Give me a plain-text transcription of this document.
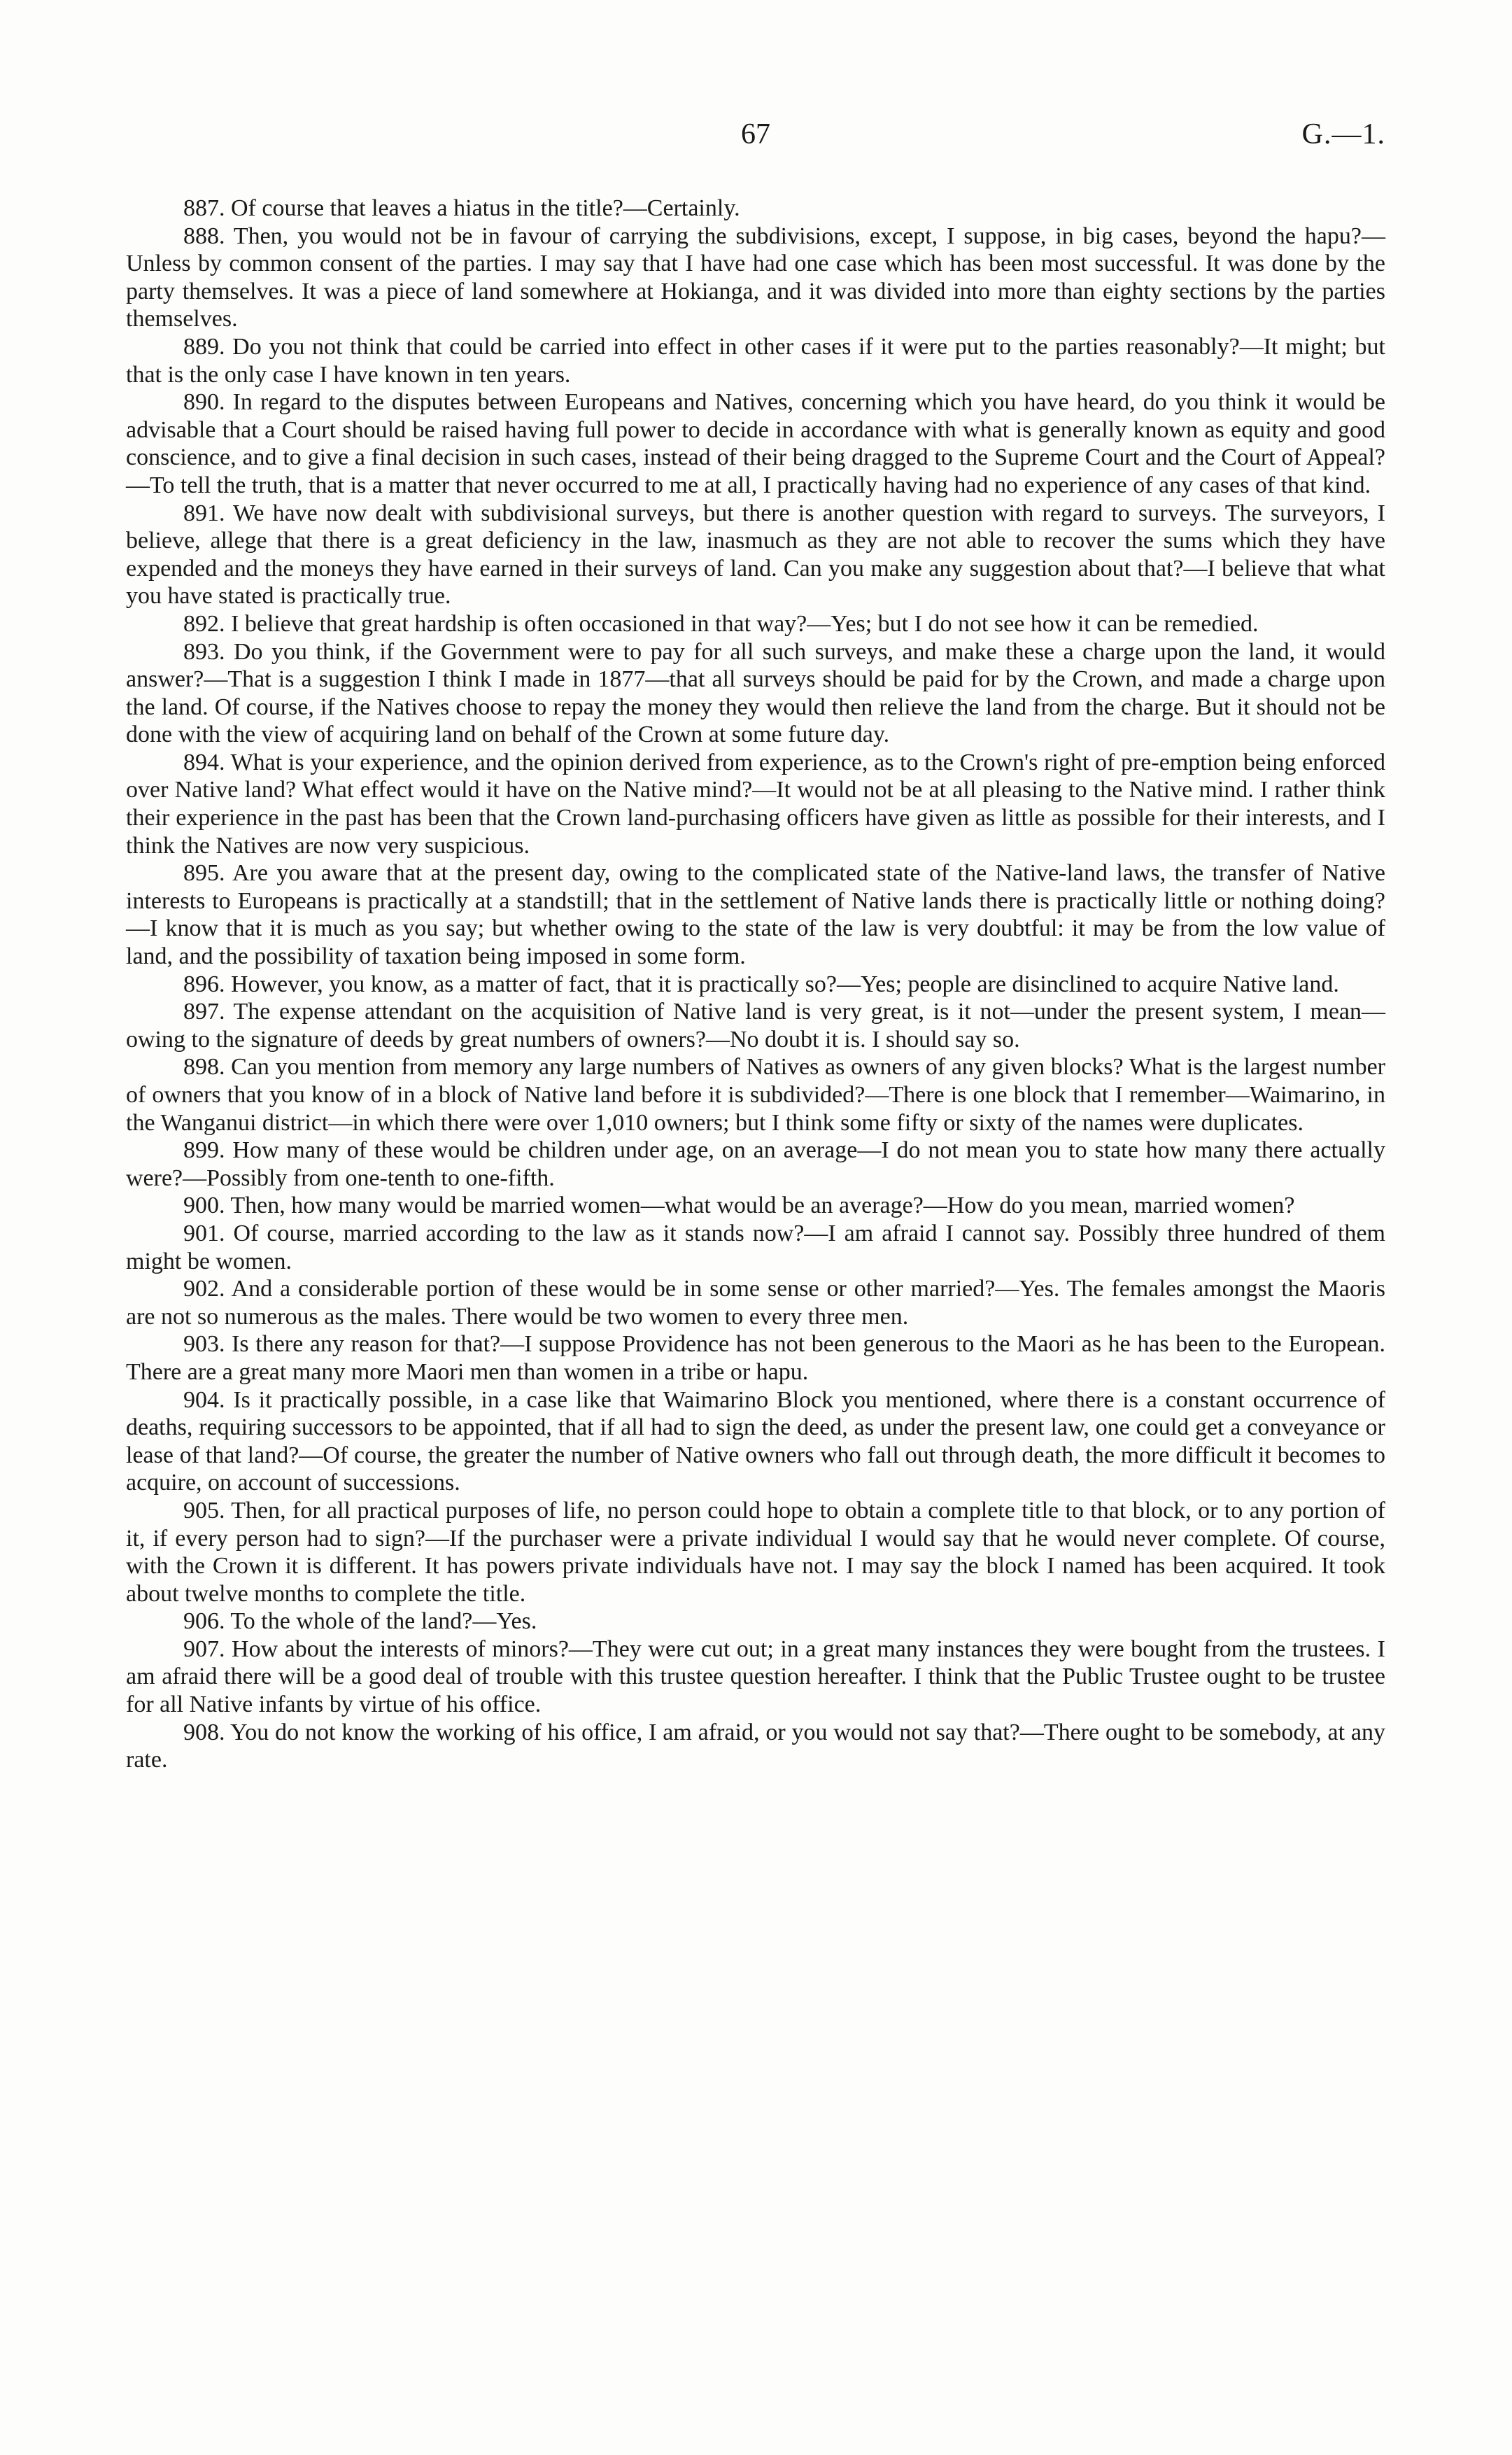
67	G.—1.

887. Of course that leaves a hiatus in the title?—Certainly.

888. Then, you would not be in favour of carrying the subdivisions, except, I suppose, in big cases, beyond the hapu?—Unless by common consent of the parties. I may say that I have had one case which has been most successful. It was done by the party themselves. It was a piece of land somewhere at Hokianga, and it was divided into more than eighty sections by the parties themselves.

889. Do you not think that could be carried into effect in other cases if it were put to the parties reasonably?—It might; but that is the only case I have known in ten years.

890. In regard to the disputes between Europeans and Natives, concerning which you have heard, do you think it would be advisable that a Court should be raised having full power to decide in accordance with what is generally known as equity and good conscience, and to give a final decision in such cases, instead of their being dragged to the Supreme Court and the Court of Appeal?—To tell the truth, that is a matter that never occurred to me at all, I practically having had no experience of any cases of that kind.

891. We have now dealt with subdivisional surveys, but there is another question with regard to surveys. The surveyors, I believe, allege that there is a great deficiency in the law, inasmuch as they are not able to recover the sums which they have expended and the moneys they have earned in their surveys of land. Can you make any suggestion about that?—I believe that what you have stated is practically true.

892. I believe that great hardship is often occasioned in that way?—Yes; but I do not see how it can be remedied.

893. Do you think, if the Government were to pay for all such surveys, and make these a charge upon the land, it would answer?—That is a suggestion I think I made in 1877—that all surveys should be paid for by the Crown, and made a charge upon the land. Of course, if the Natives choose to repay the money they would then relieve the land from the charge. But it should not be done with the view of acquiring land on behalf of the Crown at some future day.

894. What is your experience, and the opinion derived from experience, as to the Crown's right of pre-emption being enforced over Native land? What effect would it have on the Native mind?—It would not be at all pleasing to the Native mind. I rather think their experience in the past has been that the Crown land-purchasing officers have given as little as possible for their interests, and I think the Natives are now very suspicious.

895. Are you aware that at the present day, owing to the complicated state of the Native-land laws, the transfer of Native interests to Europeans is practically at a standstill; that in the settlement of Native lands there is practically little or nothing doing?—I know that it is much as you say; but whether owing to the state of the law is very doubtful: it may be from the low value of land, and the possibility of taxation being imposed in some form.

896. However, you know, as a matter of fact, that it is practically so?—Yes; people are disinclined to acquire Native land.

897. The expense attendant on the acquisition of Native land is very great, is it not—under the present system, I mean—owing to the signature of deeds by great numbers of owners?—No doubt it is. I should say so.

898. Can you mention from memory any large numbers of Natives as owners of any given blocks? What is the largest number of owners that you know of in a block of Native land before it is subdivided?—There is one block that I remember—Waimarino, in the Wanganui district—in which there were over 1,010 owners; but I think some fifty or sixty of the names were duplicates.

899. How many of these would be children under age, on an average—I do not mean you to state how many there actually were?—Possibly from one-tenth to one-fifth.

900. Then, how many would be married women—what would be an average?—How do you mean, married women?

901. Of course, married according to the law as it stands now?—I am afraid I cannot say. Possibly three hundred of them might be women.

902. And a considerable portion of these would be in some sense or other married?—Yes. The females amongst the Maoris are not so numerous as the males. There would be two women to every three men.

903. Is there any reason for that?—I suppose Providence has not been generous to the Maori as he has been to the European. There are a great many more Maori men than women in a tribe or hapu.

904. Is it practically possible, in a case like that Waimarino Block you mentioned, where there is a constant occurrence of deaths, requiring successors to be appointed, that if all had to sign the deed, as under the present law, one could get a conveyance or lease of that land?—Of course, the greater the number of Native owners who fall out through death, the more difficult it becomes to acquire, on account of successions.

905. Then, for all practical purposes of life, no person could hope to obtain a complete title to that block, or to any portion of it, if every person had to sign?—If the purchaser were a private individual I would say that he would never complete. Of course, with the Crown it is different. It has powers private individuals have not. I may say the block I named has been acquired. It took about twelve months to complete the title.

906. To the whole of the land?—Yes.

907. How about the interests of minors?—They were cut out; in a great many instances they were bought from the trustees. I am afraid there will be a good deal of trouble with this trustee question hereafter. I think that the Public Trustee ought to be trustee for all Native infants by virtue of his office.

908. You do not know the working of his office, I am afraid, or you would not say that?—There ought to be somebody, at any rate.
